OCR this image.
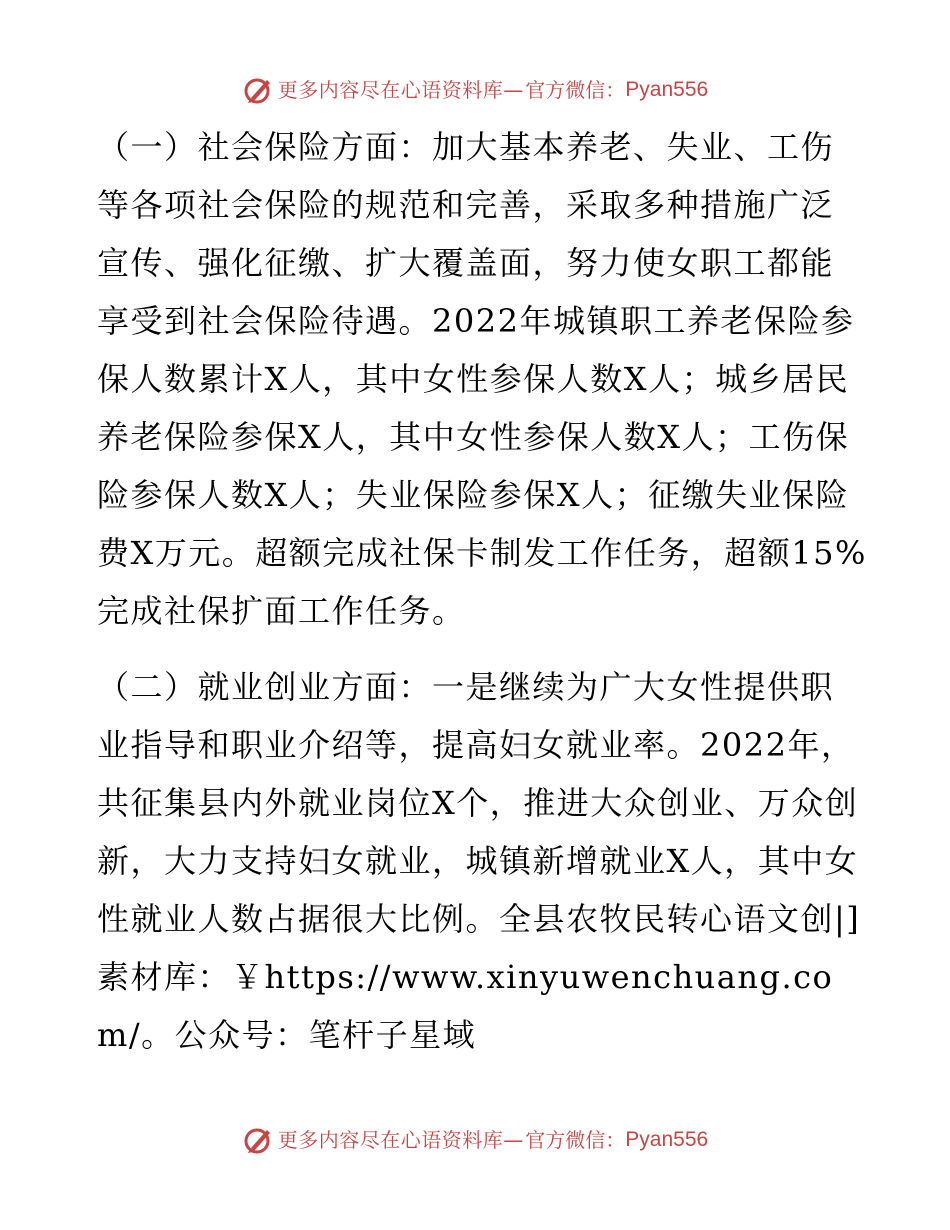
更多内容尽在心语资料库 — 官方微信： Pyan556

（一）社会保险方面：加大基本养老、失业、工伤等各项社会保险的规范和完善，采取多种措施广泛宣传、强化征缴、扩大覆盖面，努力使女职工都能享受到社会保险待遇。2022年城镇职工养老保险参保人数累计X人，其中女性参保人数X人；城乡居民养老保险参保X人，其中女性参保人数X人；工伤保险参保人数X人；失业保险参保X人；征缴失业保险费X万元。超额完成社保卡制发工作任务，超额15%完成社保扩面工作任务。

（二）就业创业方面：一是继续为广大女性提供职业指导和职业介绍等，提高妇女就业率。2022年，共征集县内外就业岗位X个，推进大众创业、万众创新，大力支持妇女就业，城镇新增就业X人，其中女性就业人数占据很大比例。全县农牧民转心语文创|]素材库：￥https://www.xinyuwenchuang.com/。公众号：笔杆子星域

更多内容尽在心语资料库 — 官方微信： Pyan556
